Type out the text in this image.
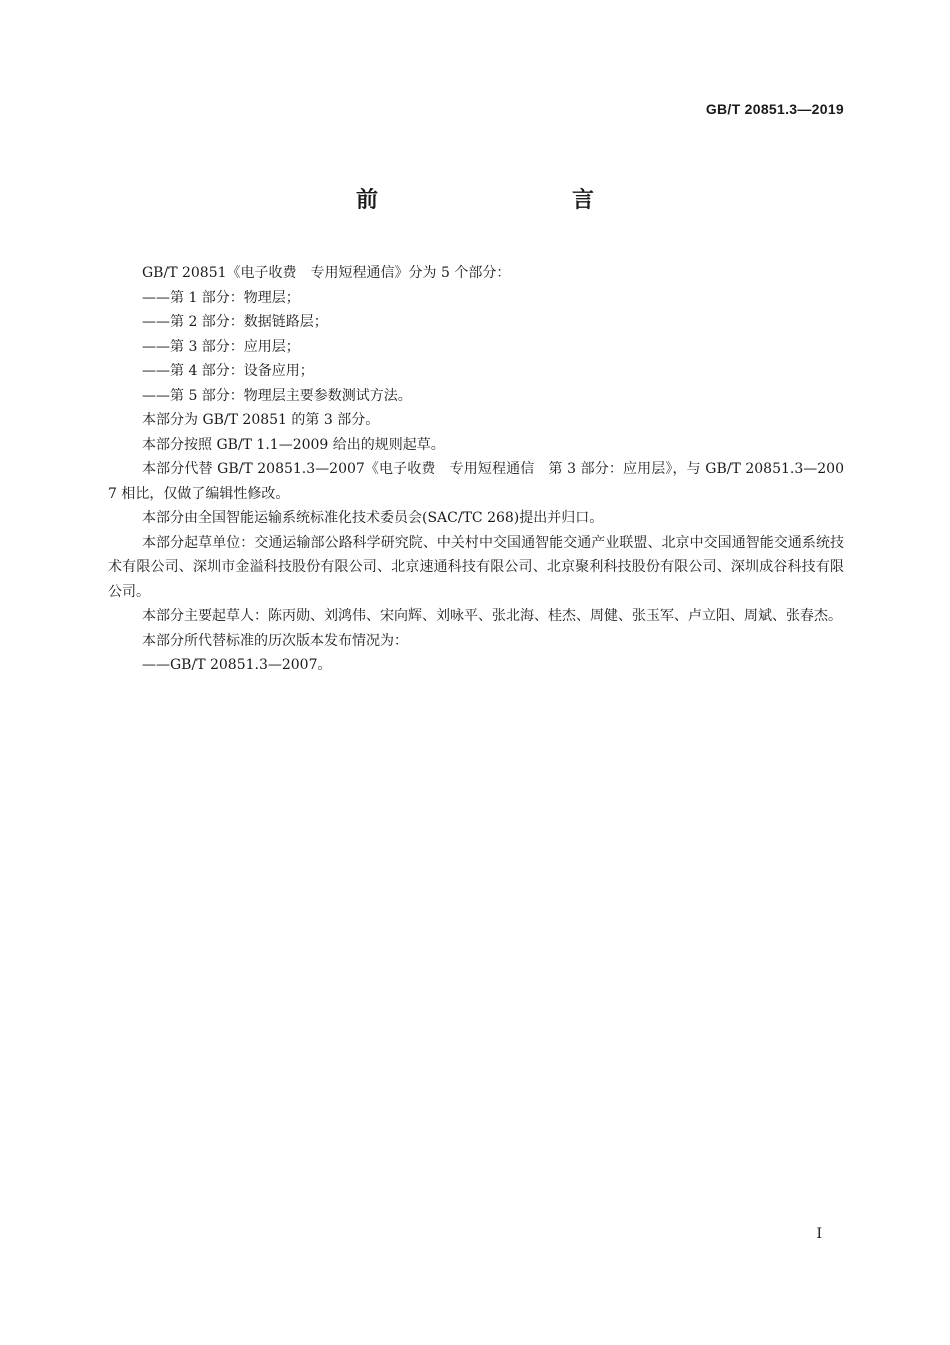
GB/T 20851.3—2019
前　　言

GB/T 20851《电子收费　专用短程通信》分为 5 个部分：

——第 1 部分：物理层；

——第 2 部分：数据链路层；

——第 3 部分：应用层；

——第 4 部分：设备应用；

——第 5 部分：物理层主要参数测试方法。

本部分为 GB/T 20851 的第 3 部分。

本部分按照 GB/T 1.1—2009 给出的规则起草。

本部分代替 GB/T 20851.3—2007《电子收费　专用短程通信　第 3 部分：应用层》，与 GB/T 20851.3—2007 相比，仅做了编辑性修改。

本部分由全国智能运输系统标准化技术委员会(SAC/TC 268)提出并归口。

本部分起草单位：交通运输部公路科学研究院、中关村中交国通智能交通产业联盟、北京中交国通智能交通系统技术有限公司、深圳市金溢科技股份有限公司、北京速通科技有限公司、北京聚利科技股份有限公司、深圳成谷科技有限公司。

本部分主要起草人：陈丙勋、刘鸿伟、宋向辉、刘咏平、张北海、桂杰、周健、张玉军、卢立阳、周斌、张春杰。

本部分所代替标准的历次版本发布情况为：

——GB/T 20851.3—2007。

I
